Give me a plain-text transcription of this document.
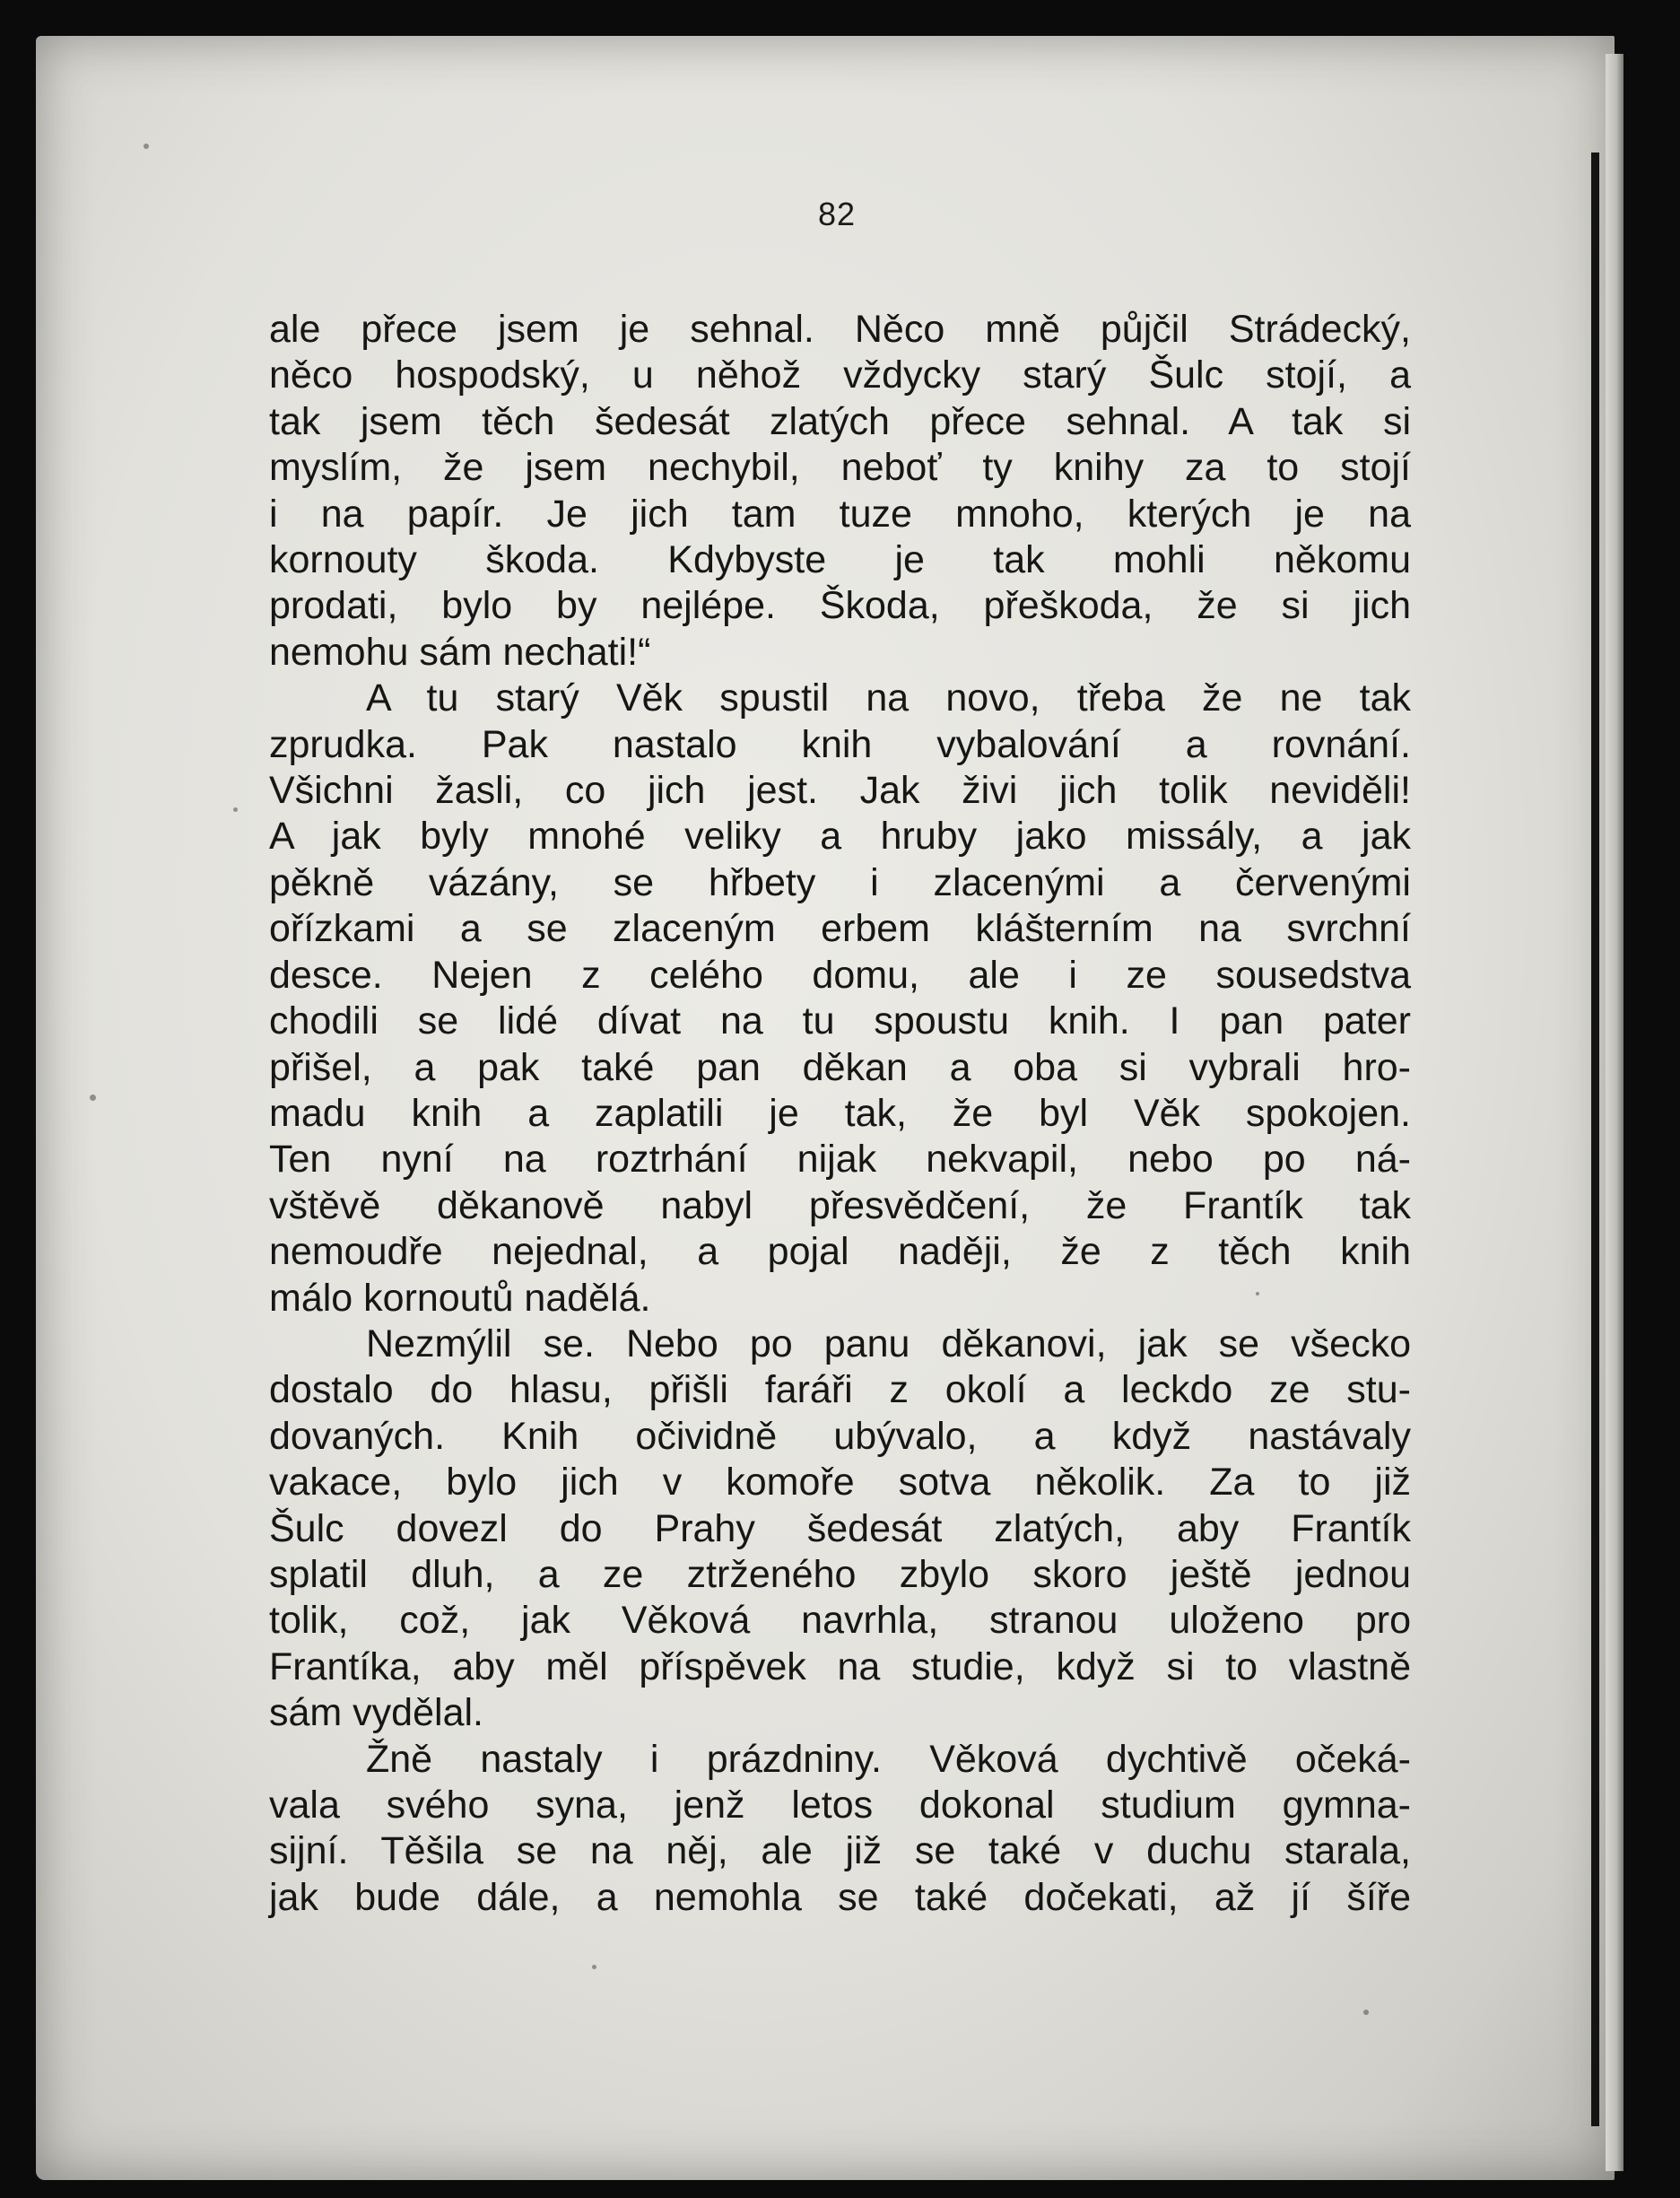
82
ale přece jsem je sehnal. Něco mně půjčil Strádecký,
něco hospodský, u něhož vždycky starý Šulc stojí, a
tak jsem těch šedesát zlatých přece sehnal. A tak si
myslím, že jsem nechybil, neboť ty knihy za to stojí
i na papír. Je jich tam tuze mnoho, kterých je na
kornouty škoda. Kdybyste je tak mohli někomu
prodati, bylo by nejlépe. Škoda, přeškoda, že si jich
nemohu sám nechati!“
A tu starý Věk spustil na novo, třeba že ne tak
zprudka. Pak nastalo knih vybalování a rovnání.
Všichni žasli, co jich jest. Jak živi jich tolik neviděli!
A jak byly mnohé veliky a hruby jako missály, a jak
pěkně vázány, se hřbety i zlacenými a červenými
ořízkami a se zlaceným erbem klášterním na svrchní
desce. Nejen z celého domu, ale i ze sousedstva
chodili se lidé dívat na tu spoustu knih. I pan pater
přišel, a pak také pan děkan a oba si vybrali hro-
madu knih a zaplatili je tak, že byl Věk spokojen.
Ten nyní na roztrhání nijak nekvapil, nebo po ná-
vštěvě děkanově nabyl přesvědčení, že Frantík tak
nemoudře nejednal, a pojal naději, že z těch knih
málo kornoutů nadělá.
Nezmýlil se. Nebo po panu děkanovi, jak se všecko
dostalo do hlasu, přišli faráři z okolí a leckdo ze stu-
dovaných. Knih očividně ubývalo, a když nastávaly
vakace, bylo jich v komoře sotva několik. Za to již
Šulc dovezl do Prahy šedesát zlatých, aby Frantík
splatil dluh, a ze ztrženého zbylo skoro ještě jednou
tolik, což, jak Věková navrhla, stranou uloženo pro
Frantíka, aby měl příspěvek na studie, když si to vlastně
sám vydělal.
Žně nastaly i prázdniny. Věková dychtivě očeká-
vala svého syna, jenž letos dokonal studium gymna-
sijní. Těšila se na něj, ale již se také v duchu starala,
jak bude dále, a nemohla se také dočekati, až jí šíře
